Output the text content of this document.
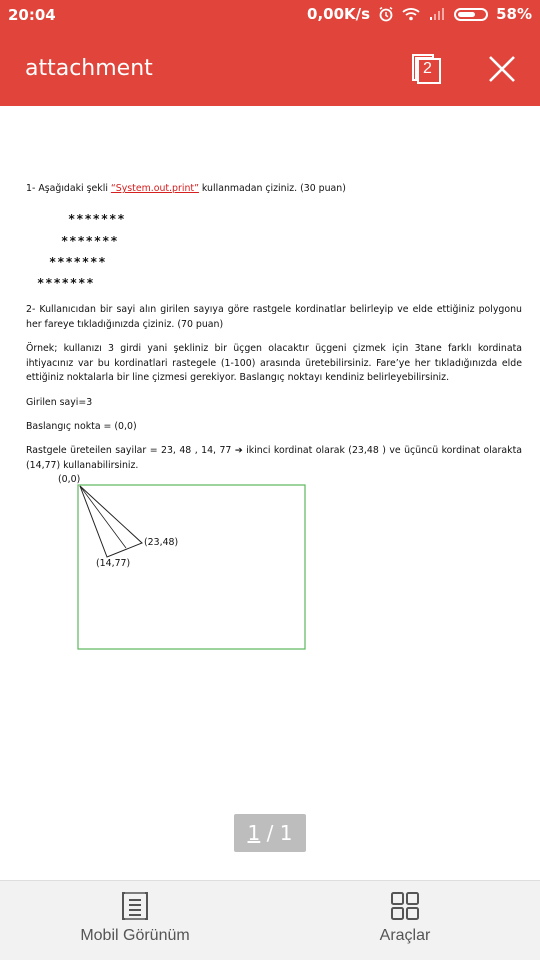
20:04	0,00K/s	58%
attachment	2
1- Aşağıdaki şekli “System.out.print” kullanmadan çiziniz. (30 puan)
*******
*******
*******
*******
2- Kullanıcıdan bir sayi alın girilen sayıya göre rastgele kordinatlar belirleyip ve elde ettiğiniz polygonu her fareye tıkladığınızda çiziniz. (70 puan)
Örnek; kullanızı 3 girdi yani şekliniz bir üçgen olacaktır üçgeni çizmek için 3tane farklı kordinata ihtiyacınız var bu kordinatlari rastegele (1-100) arasında üretebilirsiniz. Fare’ye her tıkladığınızda elde ettiğiniz noktalarla bir line çizmesi gerekiyor. Baslangıç noktayı kendiniz belirleyebilirsiniz.
Girilen sayi=3
Baslangıç nokta = (0,0)
Rastgele üreteilen sayilar = 23, 48 , 14, 77 ➔ ikinci kordinat olarak (23,48 ) ve üçüncü kordinat olarakta (14,77) kullanabilirsiniz.
(0,0)
(23,48)
(14,77)
1 / 1
Mobil Görünüm	Araçlar
